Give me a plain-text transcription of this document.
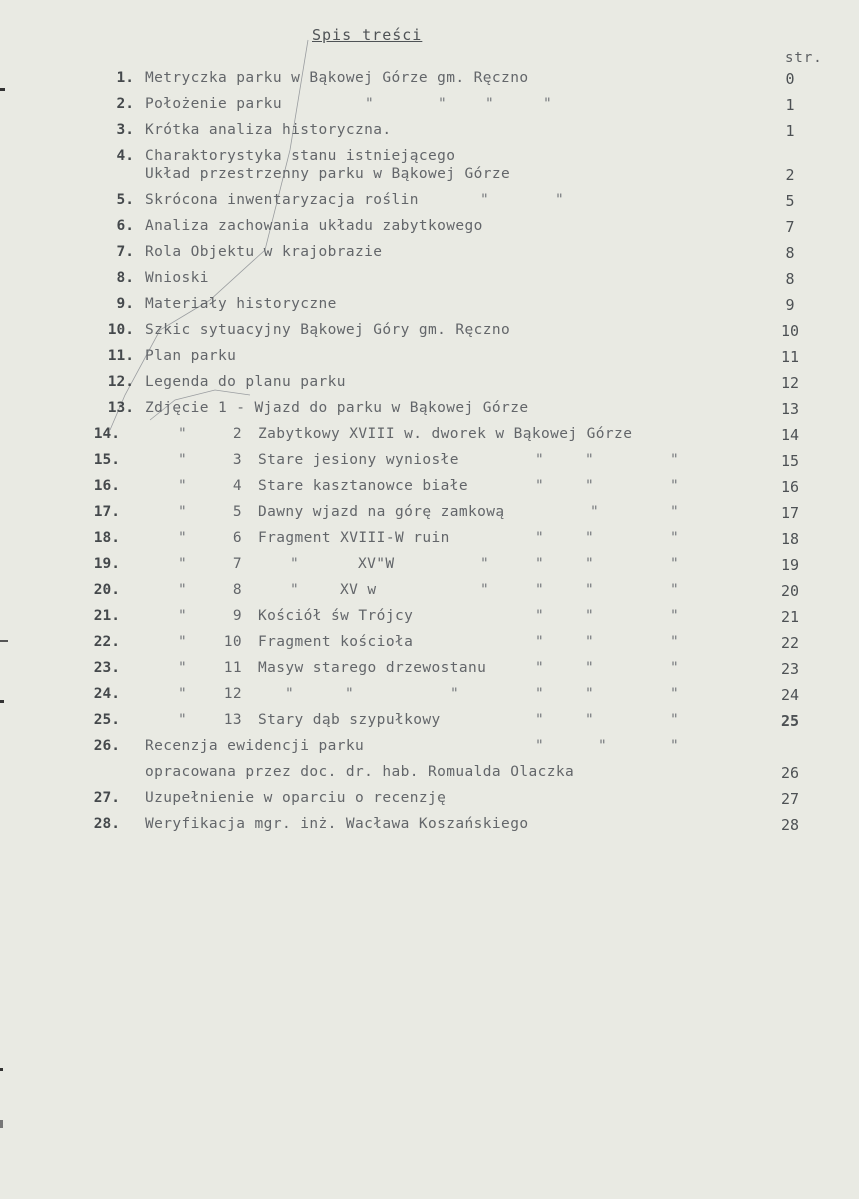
Spis treści
str.
1. Metryczka parku w Bąkowej Górze gm. Ręczno	0
2. Położenie parku	"	"	"	"	1
3. Krótka analiza historyczna.	1
4. Charaktorystyka stanu istniejącego
Układ przestrzenny parku w Bąkowej Górze	2
5. Skrócona inwentaryzacja roślin	"	"	5
6. Analiza zachowania układu zabytkowego	7
7. Rola Objektu w krajobrazie	8
8. Wnioski	8
9. Materiały historyczne	9
10. Szkic sytuacyjny Bąkowej Góry gm. Ręczno	10
11. Plan parku	11
12. Legenda do planu parku	12
13. Zdjęcie 1 - Wjazd do parku w Bąkowej Górze	13
14.	"	2 Zabytkowy XVIII w. dworek w Bąkowej Górze	14
15.	"	3 Stare jesiony wyniosłe	"	"	"	15
16.	"	4 Stare kasztanowce białe	"	"	"	16
17.	"	5 Dawny wjazd na górę zamkową	"	"	17
18.	"	6 Fragment XVIII-W ruin	"	"	"	18
19.	"	7	"	XV"W	"	"	"	"	19
20.	"	8	"	XV w	"	"	"	"	20
21.	"	9 Kościół św Trójcy	"	"	"	21
22.	"	10 Fragment kościoła	"	"	"	22
23.	"	11 Masyw starego drzewostanu	"	"	"	23
24.	"	12	"	"	"	"	"	"	24
25.	"	13 Stary dąb szypułkowy	"	"	"	25
26. Recenzja ewidencji parku	"	"	"
opracowana przez doc. dr. hab. Romualda Olaczka	26
27. Uzupełnienie w oparciu o recenzję	27
28. Weryfikacja mgr. inż. Wacława Koszańskiego	28
